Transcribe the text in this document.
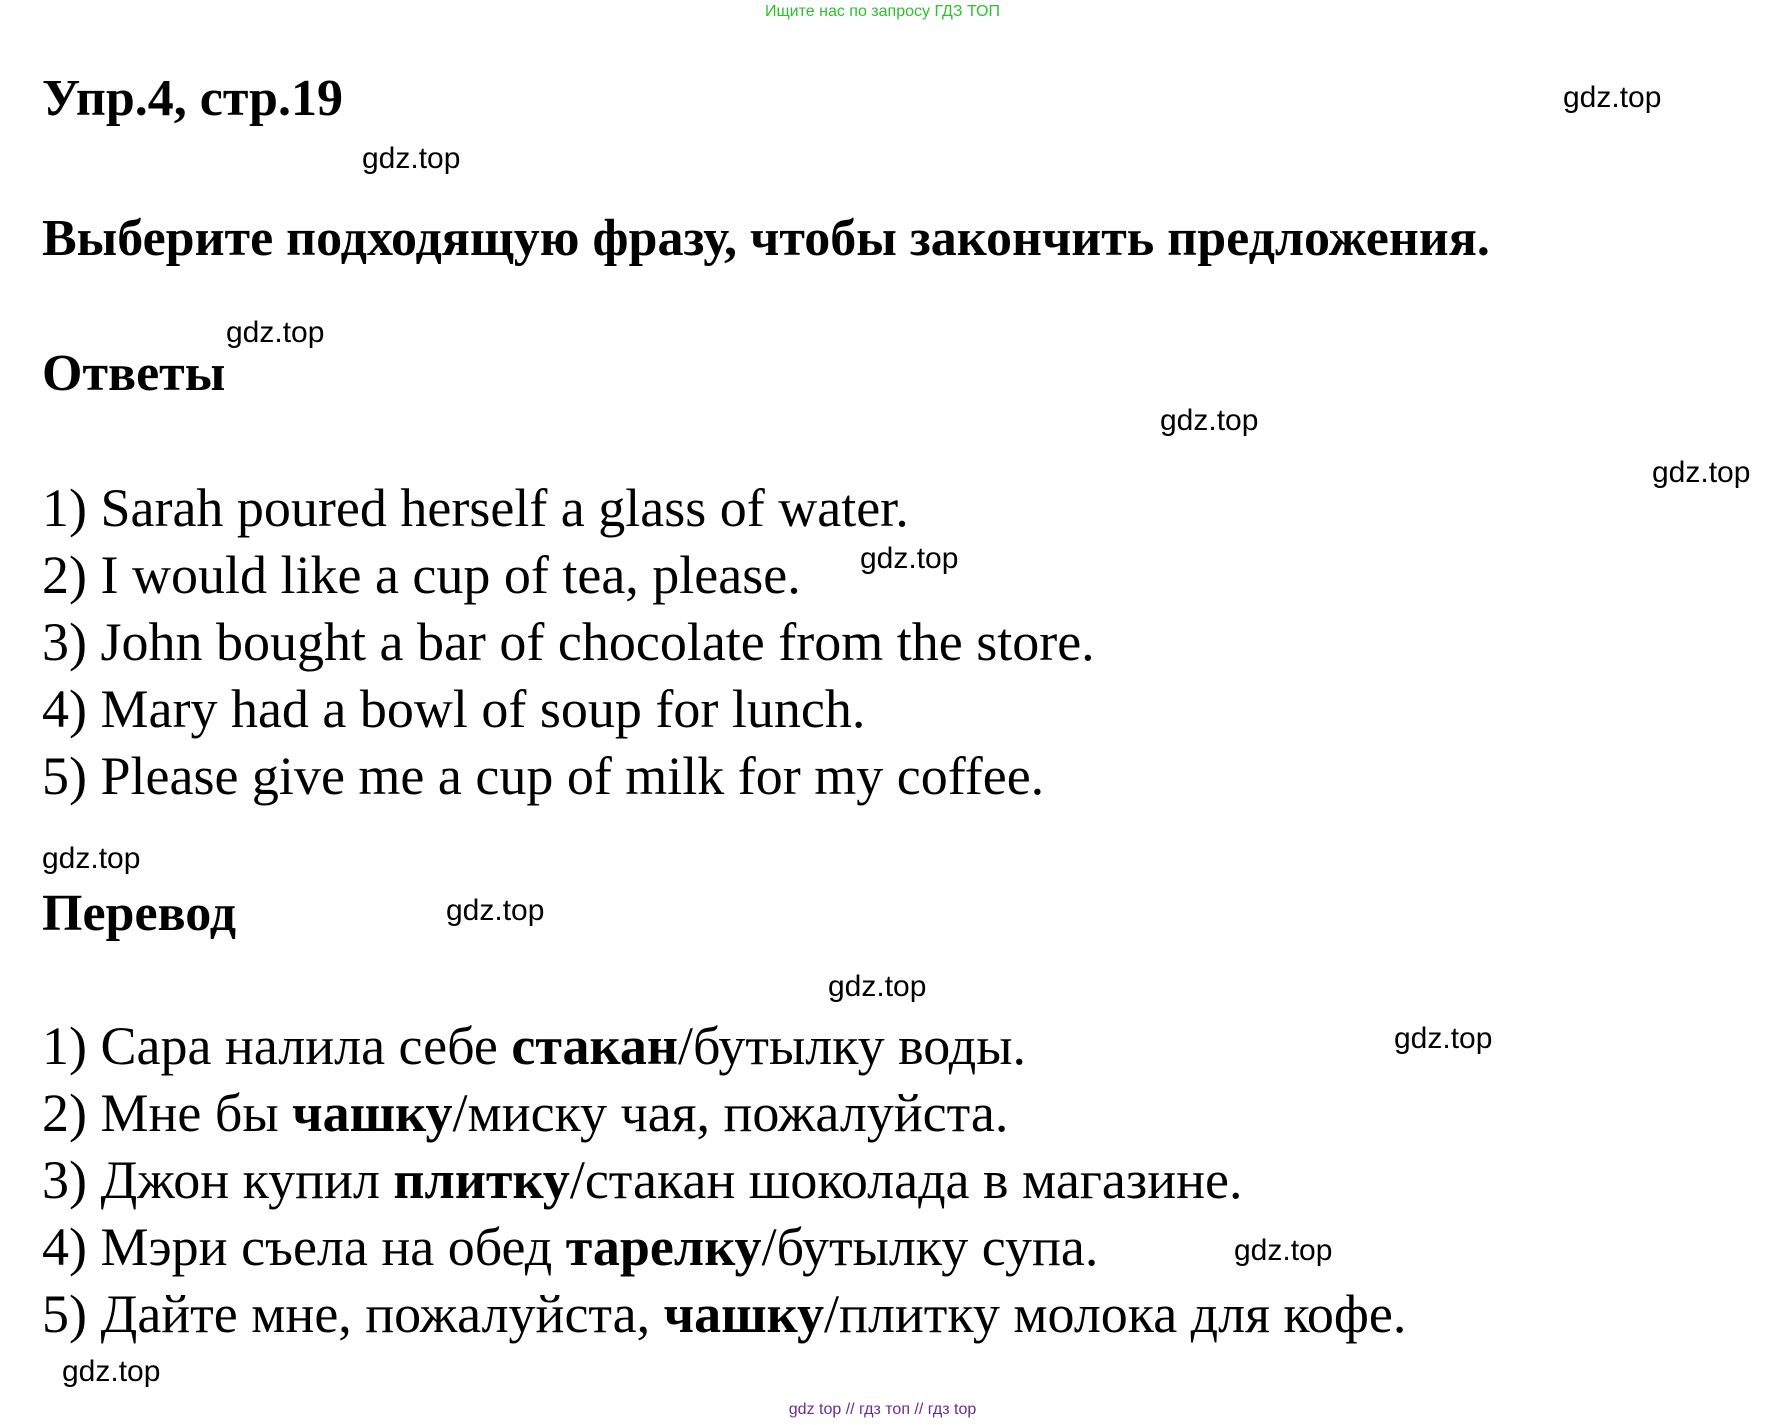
Ищите нас по запросу ГДЗ ТОП
Упр.4, стр.19
Выберите подходящую фразу, чтобы закончить предложения.
Ответы
1) Sarah poured herself a glass of water.
2) I would like a cup of tea, please.
3) John bought a bar of chocolate from the store.
4) Mary had a bowl of soup for lunch.
5) Please give me a cup of milk for my coffee.
Перевод
1) Сара налила себе стакан/бутылку воды.
2) Мне бы чашку/миску чая, пожалуйста.
3) Джон купил плитку/стакан шоколада в магазине.
4) Мэри съела на обед тарелку/бутылку супа.
5) Дайте мне, пожалуйста, чашку/плитку молока для кофе.
gdz.top
gdz.top
gdz.top
gdz.top
gdz.top
gdz.top
gdz.top
gdz.top
gdz.top
gdz.top
gdz.top
gdz.top
gdz top // гдз топ // гдз top
